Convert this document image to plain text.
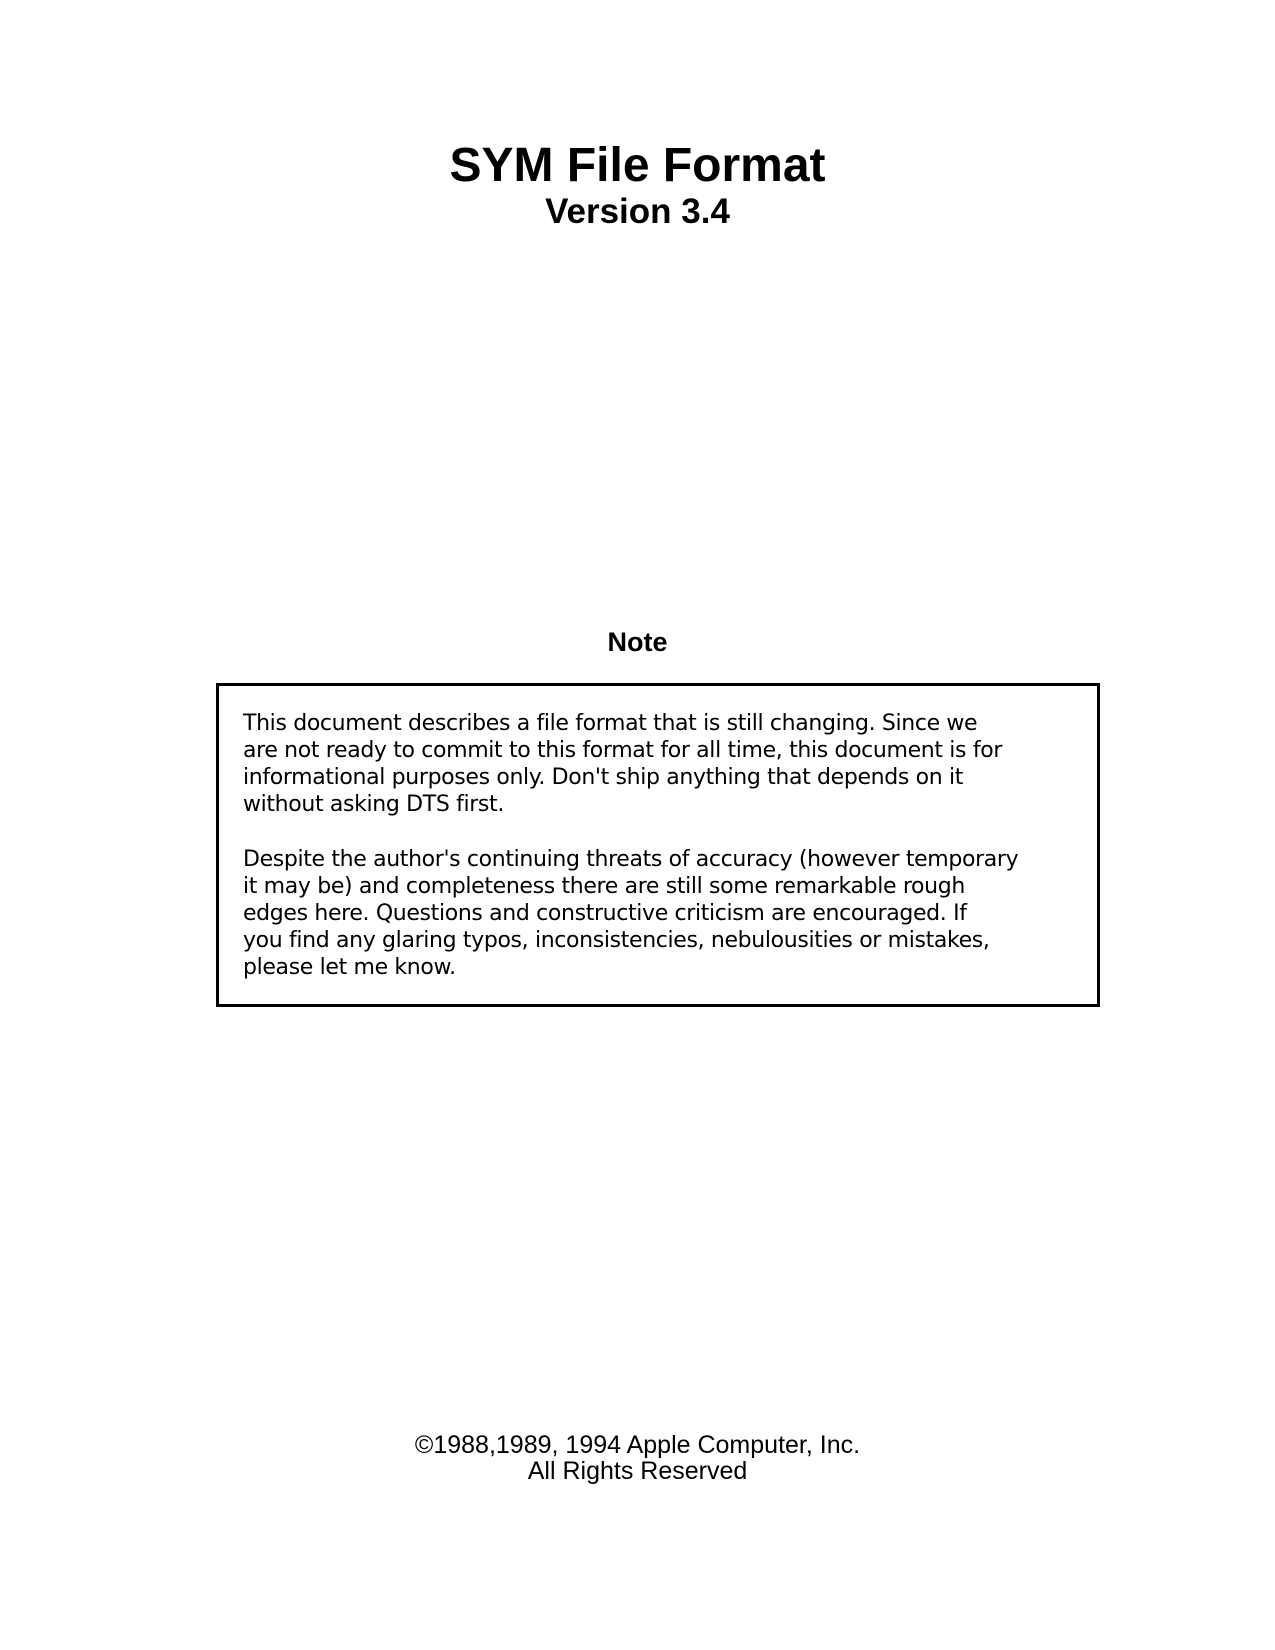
SYM File Format
Version 3.4
Note

This document describes a file format that is still changing. Since we
are not ready to commit to this format for all time, this document is for
informational purposes only. Don't ship anything that depends on it
without asking DTS first.

Despite the author's continuing threats of accuracy (however temporary
it may be) and completeness there are still some remarkable rough
edges here. Questions and constructive criticism are encouraged. If
you find any glaring typos, inconsistencies, nebulousities or mistakes,
please let me know.

©1988,1989, 1994 Apple Computer, Inc.

All Rights Reserved
